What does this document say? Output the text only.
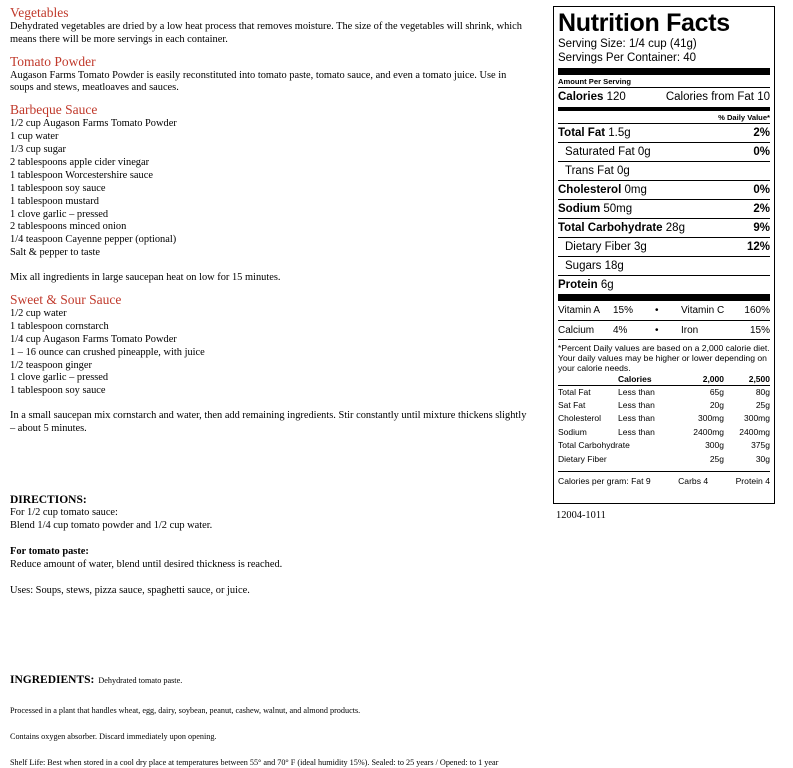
Vegetables
Dehydrated vegetables are dried by a low heat process that removes moisture. The size of the vegetables will shrink, which means there will be more servings in each container.
Tomato Powder
Augason Farms Tomato Powder is easily reconstituted into tomato paste, tomato sauce, and even a tomato juice. Use in soups and stews, meatloaves and sauces.
Barbeque Sauce
1/2 cup Augason Farms Tomato Powder
1 cup water
1/3 cup sugar
2 tablespoons apple cider vinegar
1 tablespoon Worcestershire sauce
1 tablespoon soy sauce
1 tablespoon mustard
1 clove garlic – pressed
2 tablespoons minced onion
1/4 teaspoon Cayenne pepper (optional)
Salt & pepper to taste
Mix all ingredients in large saucepan heat on low for 15 minutes.
Sweet & Sour Sauce
1/2 cup water
1 tablespoon cornstarch
1/4 cup Augason Farms Tomato Powder
1 – 16 ounce can crushed pineapple, with juice
1/2 teaspoon ginger
1 clove garlic – pressed
1 tablespoon soy sauce
In a small saucepan mix cornstarch and water, then add remaining ingredients. Stir constantly until mixture thickens slightly – about 5 minutes.
DIRECTIONS:
For 1/2 cup tomato sauce:
Blend 1/4 cup tomato powder and 1/2 cup water.
For tomato paste:
Reduce amount of water, blend until desired thickness is reached.
Uses: Soups, stews, pizza sauce, spaghetti sauce, or juice.
INGREDIENTS: Dehydrated tomato paste.
Processed in a plant that handles wheat, egg, dairy, soybean, peanut, cashew, walnut, and almond products.
Contains oxygen absorber. Discard immediately upon opening.
Shelf Life: Best when stored in a cool dry place at temperatures between 55° and 70° F (ideal humidity 15%). Sealed: to 25 years / Opened: to 1 year
Nutrition Facts
Serving Size: 1/4 cup (41g)
Servings Per Container: 40
Amount Per Serving
Calories 120	Calories from Fat 10
% Daily Value*
Total Fat 1.5g	2%
Saturated Fat 0g	0%
Trans Fat 0g
Cholesterol 0mg	0%
Sodium 50mg	2%
Total Carbohydrate 28g	9%
Dietary Fiber 3g	12%
Sugars 18g
Protein 6g
Vitamin A	15%	•	Vitamin C	160%
Calcium	4%	•	Iron	15%
*Percent Daily values are based on a 2,000 calorie diet. Your daily values may be higher or lower depending on your calorie needs.
	Calories	2,000	2,500
Total Fat	Less than	65g	80g
Sat Fat	Less than	20g	25g
Cholesterol	Less than	300mg	300mg
Sodium	Less than	2400mg	2400mg
Total Carbohydrate		300g	375g
Dietary Fiber		25g	30g
Calories per gram: Fat 9	Carbs 4	Protein 4
12004-1011
